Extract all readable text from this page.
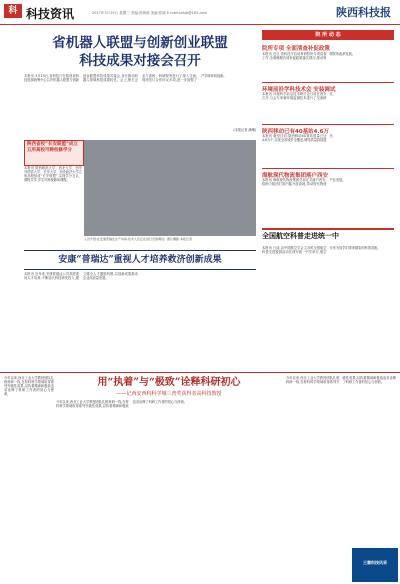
科 科技资讯	2017年3月15日 星期三 责编:祝海涛 美编:张晓 E-mail:sxkjb@163.com	陕西科技报
省机器人联盟与创新创业联盟
科技成果对接会召开
本报讯 3月13日,省科技厅在陕西省科技资源统筹中心召开机器人联盟与创新创业联盟科技成果对接会,旨在推动机器人领域科技成果转化。会上,相关企业与高校、科研院所进行了深入交流,现场签订合作协议多项,进一步加强了产学研协同创新。
(本报记者 满琳)
陕西省校“长安联盟”成立 五所高校可跨校修学分
本报讯 陕西师范大学、西北大学、西安外国语大学、长安大学、西北政法大学五所高校组成“长安联盟”,实现学分互认、课程共享,学生可跨校修读课程。
人员介绍:在安康普瑞达生产车间,技术人员正在进行设备调试。图片摄影:本报记者
院 所 动 态
院所专项 全面清查补促政策
本报讯 近日,省科技厅启动科研院所专项清查工作,全面梳理各项补促政策落实情况,推动科研院所改革发展。
环境前沿学科技术会 安装调试
本报讯 环境科学前沿技术研讨会日前在西安召开,与会专家就环境监测技术进行了交流研讨。
陕西移动已有40基站4.6万
本报讯 截至目前,陕西移动4G基站数量已达4.6万个,实现全省城乡全覆盖,网络质量持续提升。
海航现代物流集团落户西安
本报讯 海航现代物流集团总部正式落户西安,将助力陕西打造内陆开放高地,带动现代物流产业发展。
安康“普瑞达”重视人才培养救济创新成果
本报讯 近年来,安康普瑞达公司高度重视人才培养,不断加大科技研发投入,建立健全人才激励机制,以创新成果推动企业高质量发展。
全国航空科普走进统一中
本报讯 日前,由中国航空学会主办的全国航空科普走进校园活动在西安统一中学举行,航空专家为同学们带来精彩的科普讲座。
今年以来,西北工业大学教授团队扎根科研一线,在材料科学领域取得系列突破性成果,以执着精神和极致追求诠释了科研工作者的初心与使命。
用“执着”与“极致”诠释科研初心
——记西安西科科学城三普奖获得者高科技教授
今年以来,西北工业大学教授团队扎根科研一线,在材料科学领域取得系列突破性成果,以执着精神和极致追求诠释了科研工作者的初心与使命。
今年以来,西北工业大学教授团队扎根科研一线,在材料科学领域取得系列突破性成果,以执着精神和极致追求诠释了科研工作者的初心与使命。
三秦科技风采
